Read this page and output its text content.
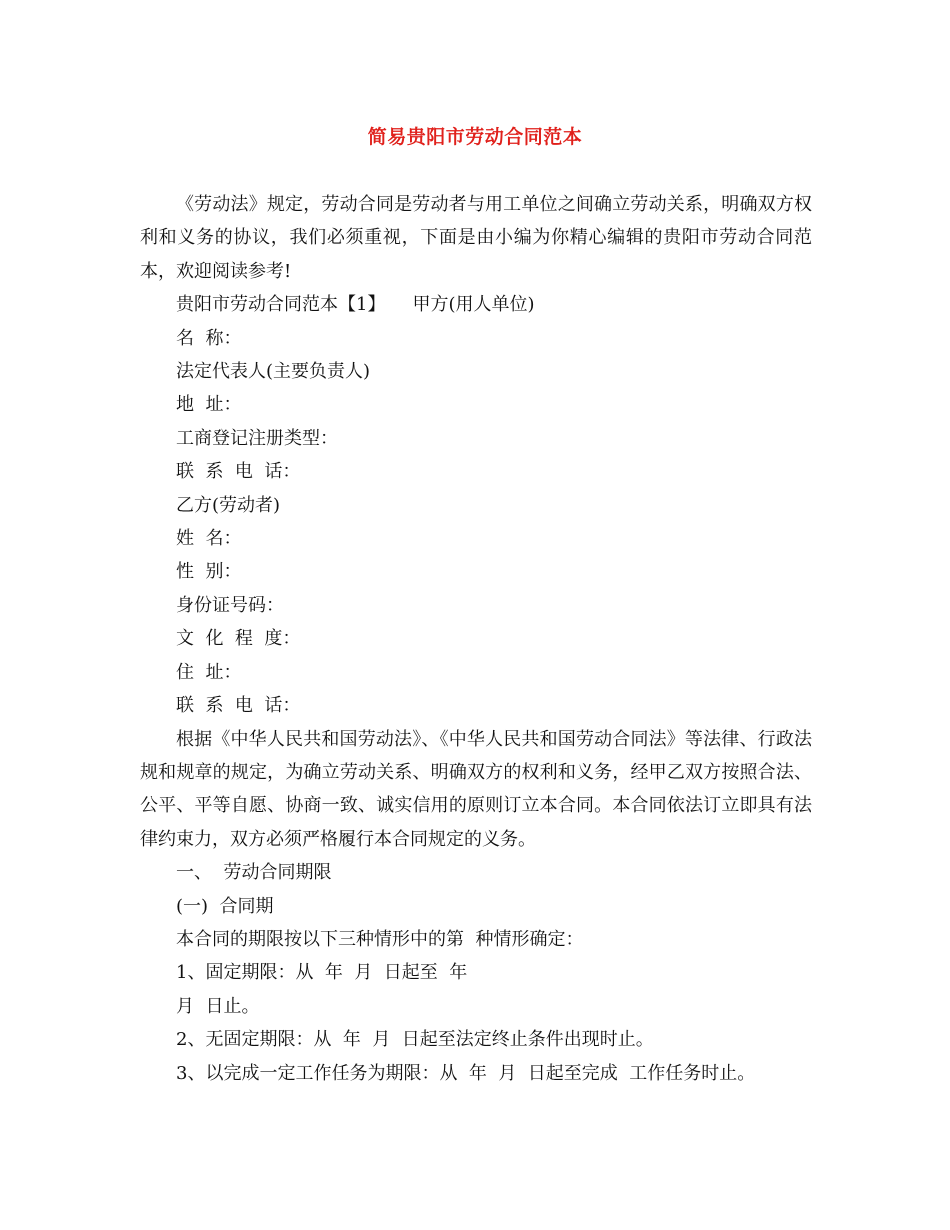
简易贵阳市劳动合同范本

《劳动法》规定，劳动合同是劳动者与用工单位之间确立劳动关系，明确双方权利和义务的协议，我们必须重视，下面是由小编为你精心编辑的贵阳市劳动合同范本，欢迎阅读参考!

贵阳市劳动合同范本【1】　　甲方(用人单位)

名  称：

法定代表人(主要负责人)

地  址：

工商登记注册类型：

联  系  电  话：

乙方(劳动者)

姓  名：

性  别：

身份证号码：

文  化  程  度：

住  址：

联  系  电  话：

根据《中华人民共和国劳动法》、《中华人民共和国劳动合同法》等法律、行政法规和规章的规定，为确立劳动关系、明确双方的权利和义务，经甲乙双方按照合法、公平、平等自愿、协商一致、诚实信用的原则订立本合同。本合同依法订立即具有法律约束力，双方必须严格履行本合同规定的义务。

一、  劳动合同期限

(一)  合同期

本合同的期限按以下三种情形中的第  种情形确定：

1、固定期限：从  年  月  日起至  年

月  日止。

2、无固定期限：从  年  月  日起至法定终止条件出现时止。

3、以完成一定工作任务为期限：从  年  月  日起至完成  工作任务时止。
